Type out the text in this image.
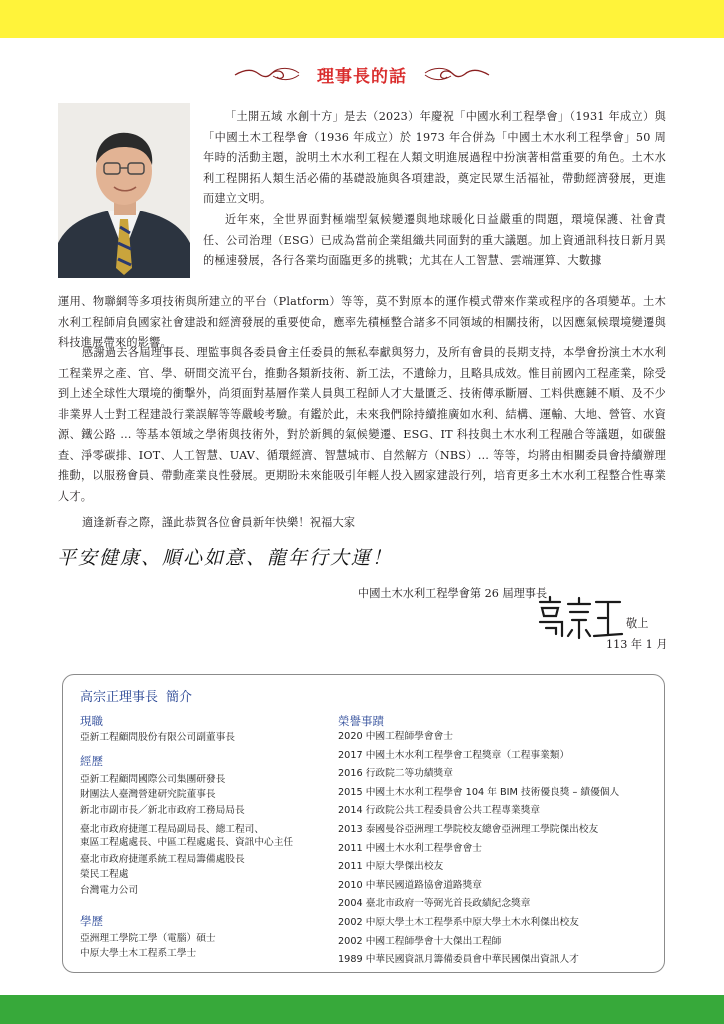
理事長的話

「土開五域 水創十方」是去（2023）年慶祝「中國水利工程學會」（1931 年成立）與「中國土木工程學會（1936 年成立）於 1973 年合併為「中國土木水利工程學會」50 周年時的活動主題，說明土木水利工程在人類文明進展過程中扮演著相當重要的角色。土木水利工程開拓人類生活必備的基礎設施與各項建設，奠定民眾生活福祉，帶動經濟發展，更進而建立文明。

近年來，全世界面對極端型氣候變遷與地球暖化日益嚴重的問題，環境保護、社會責任、公司治理（ESG）已成為當前企業組織共同面對的重大議題。加上資通訊科技日新月異的極速發展，各行各業均面臨更多的挑戰；尤其在人工智慧、雲端運算、大數據

運用、物聯網等多項技術與所建立的平台（Platform）等等，莫不對原本的運作模式帶來作業或程序的各項變革。土木水利工程師肩負國家社會建設和經濟發展的重要使命，應率先積極整合諸多不同領域的相關技術，以因應氣候環境變遷與科技進展帶來的影響。

感謝過去各屆理事長、理監事與各委員會主任委員的無私奉獻與努力，及所有會員的長期支持，本學會扮演土木水利工程業界之產、官、學、研間交流平台，推動各類新技術、新工法，不遺餘力，且略具成效。惟目前國內工程產業，除受到上述全球性大環境的衝擊外，尚須面對基層作業人員與工程師人才大量匱乏、技術傳承斷層、工料供應鏈不順、及不少非業界人士對工程建設行業誤解等等嚴峻考驗。有鑑於此，未來我們除持續推廣如水利、結構、運輸、大地、營管、水資源、鐵公路 … 等基本領域之學術與技術外，對於新興的氣候變遷、ESG、IT 科技與土木水利工程融合等議題，如碳盤查、淨零碳排、IOT、人工智慧、UAV、循環經濟、智慧城市、自然解方（NBS）… 等等，均將由相關委員會持續辦理推動，以服務會員、帶動產業良性發展。更期盼未來能吸引年輕人投入國家建設行列，培育更多土木水利工程整合性專業人才。

適逢新春之際，謹此恭賀各位會員新年快樂！祝福大家

平安健康、順心如意、龍年行大運！
中國土木水利工程學會第 26 屆理事長
敬上
113 年 1 月
高宗正理事長 簡介
現職
亞新工程顧問股份有限公司副董事長
經歷
亞新工程顧問國際公司集團研發長
財團法人臺灣營建研究院董事長
新北市副市長／新北市政府工務局局長
臺北市政府捷運工程局副局長、總工程司、
東區工程處處長、中區工程處處長、資訊中心主任
臺北市政府捷運系統工程局籌備處股長
榮民工程處
台灣電力公司
學歷
亞洲理工學院工學（電腦）碩士
中原大學土木工程系工學士
榮譽事蹟
2020 中國工程師學會會士
2017 中國土木水利工程學會工程獎章（工程事業類）
2016 行政院二等功績獎章
2015 中國土木水利工程學會 104 年 BIM 技術優良獎 – 績優個人
2014 行政院公共工程委員會公共工程專業獎章
2013 泰國曼谷亞洲理工學院校友總會亞洲理工學院傑出校友
2011 中國土木水利工程學會會士
2011 中原大學傑出校友
2010 中華民國道路協會道路獎章
2004 臺北市政府一等弼光首長政績紀念獎章
2002 中原大學土木工程學系中原大學土木水利傑出校友
2002 中國工程師學會十大傑出工程師
1989 中華民國資訊月籌備委員會中華民國傑出資訊人才
